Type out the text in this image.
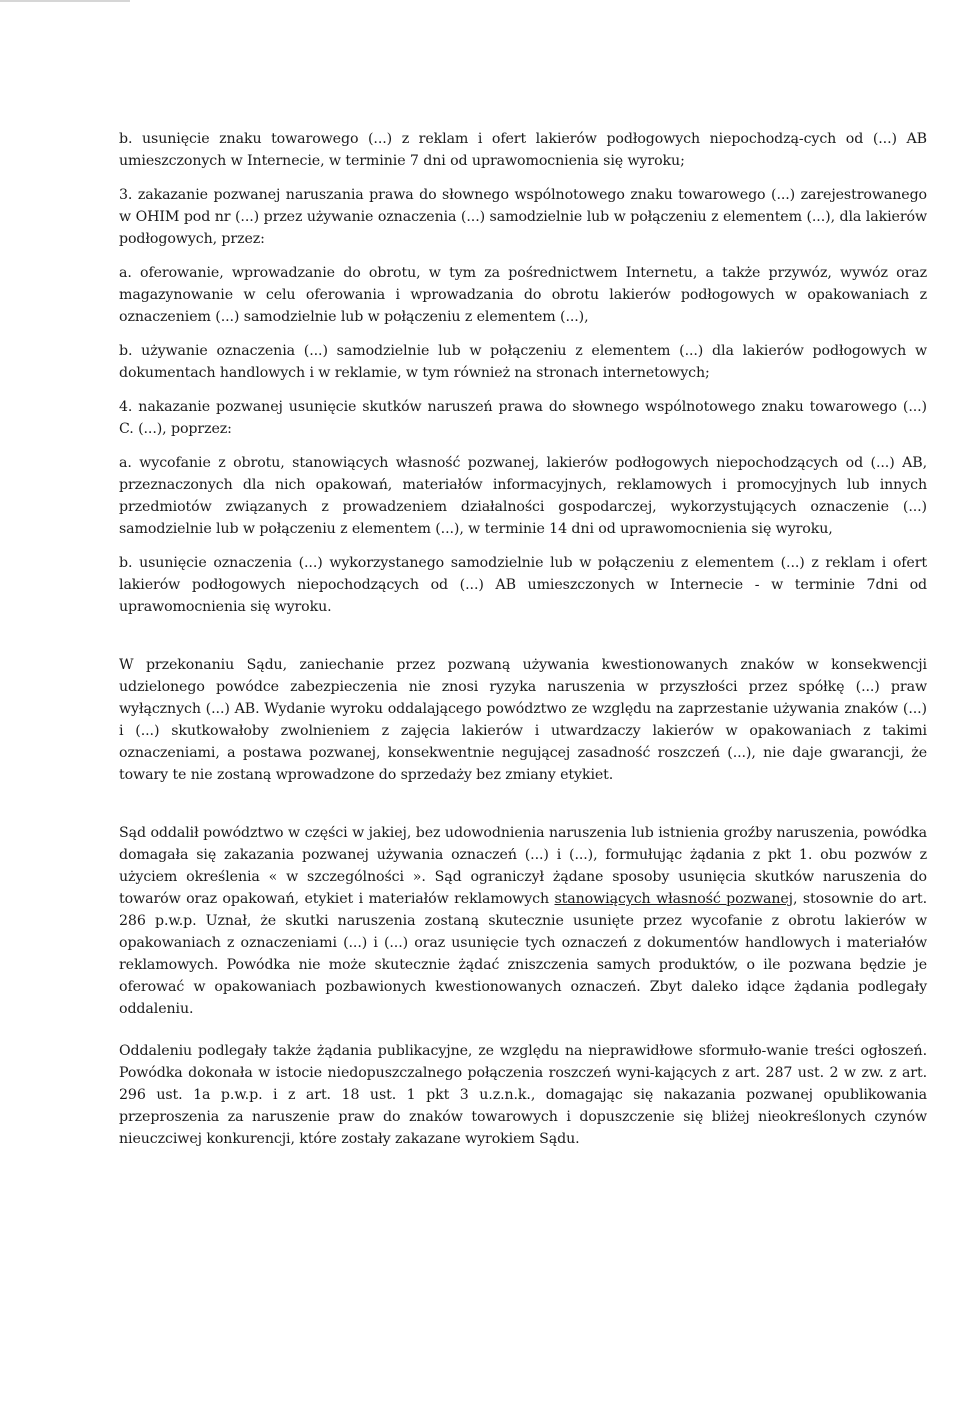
b. usunięcie znaku towarowego (...) z reklam i ofert lakierów podłogowych niepochodzą-cych od (...) AB umieszczonych w Internecie, w terminie 7 dni od uprawomocnienia się wyroku;

3. zakazanie pozwanej naruszania prawa do słownego wspólnotowego znaku towarowego (...) zarejestrowanego w OHIM pod nr (...) przez używanie oznaczenia (...) samodzielnie lub w połączeniu z elementem (...), dla lakierów podłogowych, przez:

a. oferowanie, wprowadzanie do obrotu, w tym za pośrednictwem Internetu, a także przywóz, wywóz oraz magazynowanie w celu oferowania i wprowadzania do obrotu lakierów podłogowych w opakowaniach z oznaczeniem (...) samodzielnie lub w połączeniu z elementem (...),

b. używanie oznaczenia (...) samodzielnie lub w połączeniu z elementem (...) dla lakierów podłogowych w dokumentach handlowych i w reklamie, w tym również na stronach internetowych;

4. nakazanie pozwanej usunięcie skutków naruszeń prawa do słownego wspólnotowego znaku towarowego (...) C. (...), poprzez:

a. wycofanie z obrotu, stanowiących własność pozwanej, lakierów podłogowych niepochodzących od (...) AB, przeznaczonych dla nich opakowań, materiałów informacyjnych, reklamowych i promocyjnych lub innych przedmiotów związanych z prowadzeniem działalności gospodarczej, wykorzystujących oznaczenie (...) samodzielnie lub w połączeniu z elementem (...), w terminie 14 dni od uprawomocnienia się wyroku,

b. usunięcie oznaczenia (...) wykorzystanego samodzielnie lub w połączeniu z elementem (...) z reklam i ofert lakierów podłogowych niepochodzących od (...) AB umieszczonych w Internecie - w terminie 7dni od uprawomocnienia się wyroku.

W przekonaniu Sądu, zaniechanie przez pozwaną używania kwestionowanych znaków w konsekwencji udzielonego powódce zabezpieczenia nie znosi ryzyka naruszenia w przyszłości przez spółkę (...) praw wyłącznych (...) AB. Wydanie wyroku oddalającego powództwo ze względu na zaprzestanie używania znaków (...) i (...) skutkowałoby zwolnieniem z zajęcia lakierów i utwardzaczy lakierów w opakowaniach z takimi oznaczeniami, a postawa pozwanej, konsekwentnie negującej zasadność roszczeń (...), nie daje gwarancji, że towary te nie zostaną wprowadzone do sprzedaży bez zmiany etykiet.

Sąd oddalił powództwo w części w jakiej, bez udowodnienia naruszenia lub istnienia groźby naruszenia, powódka domagała się zakazania pozwanej używania oznaczeń (...) i (...), formułując żądania z pkt 1. obu pozwów z użyciem określenia « w szczególności ». Sąd ograniczył żądane sposoby usunięcia skutków naruszenia do towarów oraz opakowań, etykiet i materiałów reklamowych stanowiących własność pozwanej, stosownie do art. 286 p.w.p. Uznał, że skutki naruszenia zostaną skutecznie usunięte przez wycofanie z obrotu lakierów w opakowaniach z oznaczeniami (...) i (...) oraz usunięcie tych oznaczeń z dokumentów handlowych i materiałów reklamowych. Powódka nie może skutecznie żądać zniszczenia samych produktów, o ile pozwana będzie je oferować w opakowaniach pozbawionych kwestionowanych oznaczeń. Zbyt daleko idące żądania podlegały oddaleniu.

Oddaleniu podlegały także żądania publikacyjne, ze względu na nieprawidłowe sformuło-wanie treści ogłoszeń. Powódka dokonała w istocie niedopuszczalnego połączenia roszczeń wyni-kających z art. 287 ust. 2 w zw. z art. 296 ust. 1a p.w.p. i z art. 18 ust. 1 pkt 3 u.z.n.k., domagając się nakazania pozwanej opublikowania przeproszenia za naruszenie praw do znaków towarowych i dopuszczenie się bliżej nieokreślonych czynów nieuczciwej konkurencji, które zostały zakazane wyrokiem Sądu.
